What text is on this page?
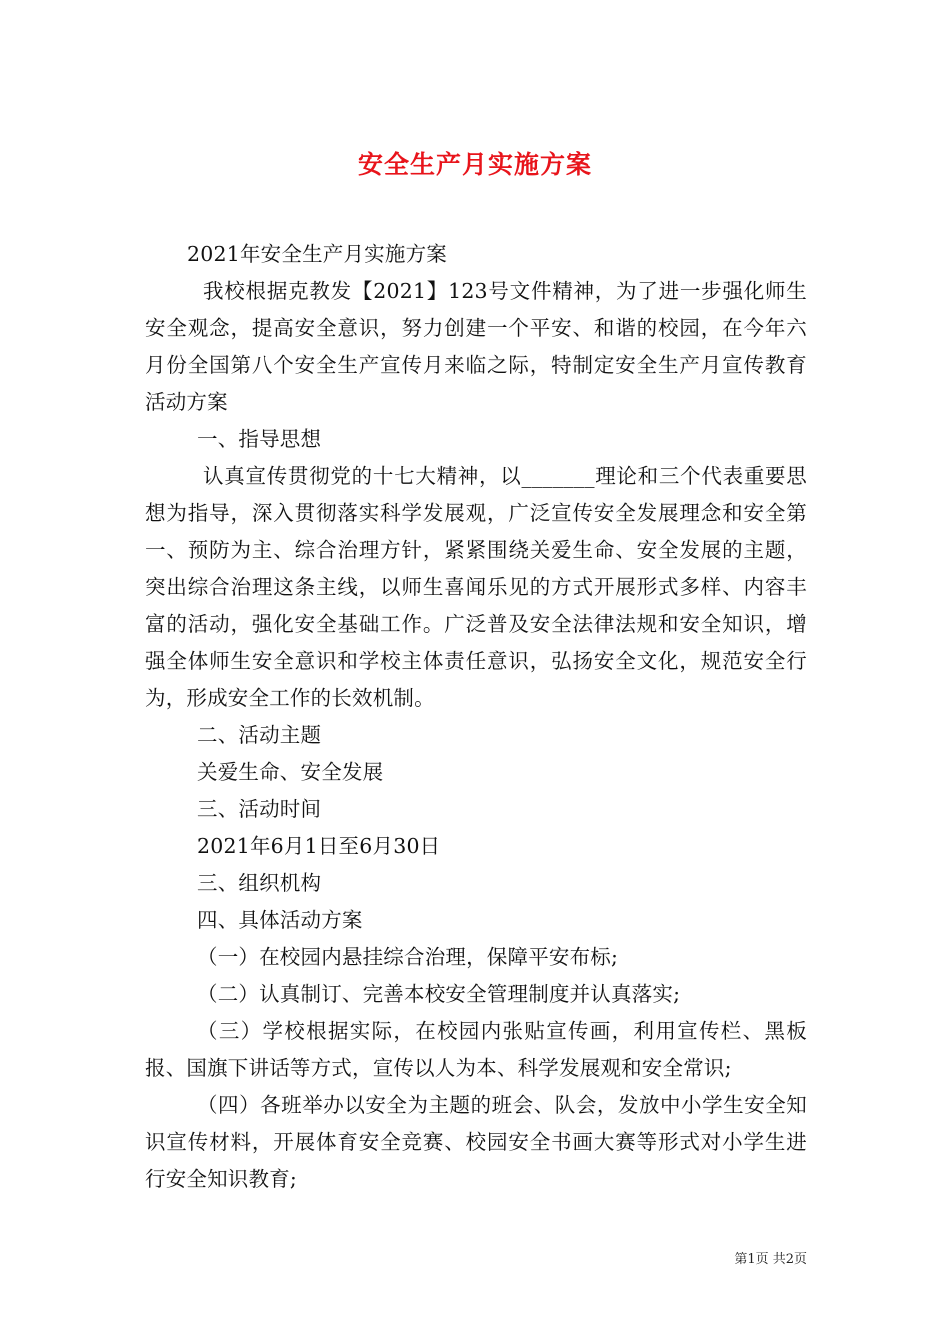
安全生产月实施方案

2021年安全生产月实施方案

我校根据克教发【2021】123号文件精神，为了进一步强化师生安全观念，提高安全意识，努力创建一个平安、和谐的校园，在今年六月份全国第八个安全生产宣传月来临之际，特制定安全生产月宣传教育活动方案

一、指导思想

认真宣传贯彻党的十七大精神，以_______理论和三个代表重要思想为指导，深入贯彻落实科学发展观，广泛宣传安全发展理念和安全第一、预防为主、综合治理方针，紧紧围绕关爱生命、安全发展的主题，突出综合治理这条主线，以师生喜闻乐见的方式开展形式多样、内容丰富的活动，强化安全基础工作。广泛普及安全法律法规和安全知识，增强全体师生安全意识和学校主体责任意识，弘扬安全文化，规范安全行为，形成安全工作的长效机制。

二、活动主题

关爱生命、安全发展

三、活动时间

2021年6月1日至6月30日

三、组织机构

四、具体活动方案

（一）在校园内悬挂综合治理，保障平安布标;

（二）认真制订、完善本校安全管理制度并认真落实;

（三）学校根据实际，在校园内张贴宣传画，利用宣传栏、黑板报、国旗下讲话等方式，宣传以人为本、科学发展观和安全常识;

（四）各班举办以安全为主题的班会、队会，发放中小学生安全知识宣传材料，开展体育安全竞赛、校园安全书画大赛等形式对小学生进行安全知识教育;

第1页 共2页
